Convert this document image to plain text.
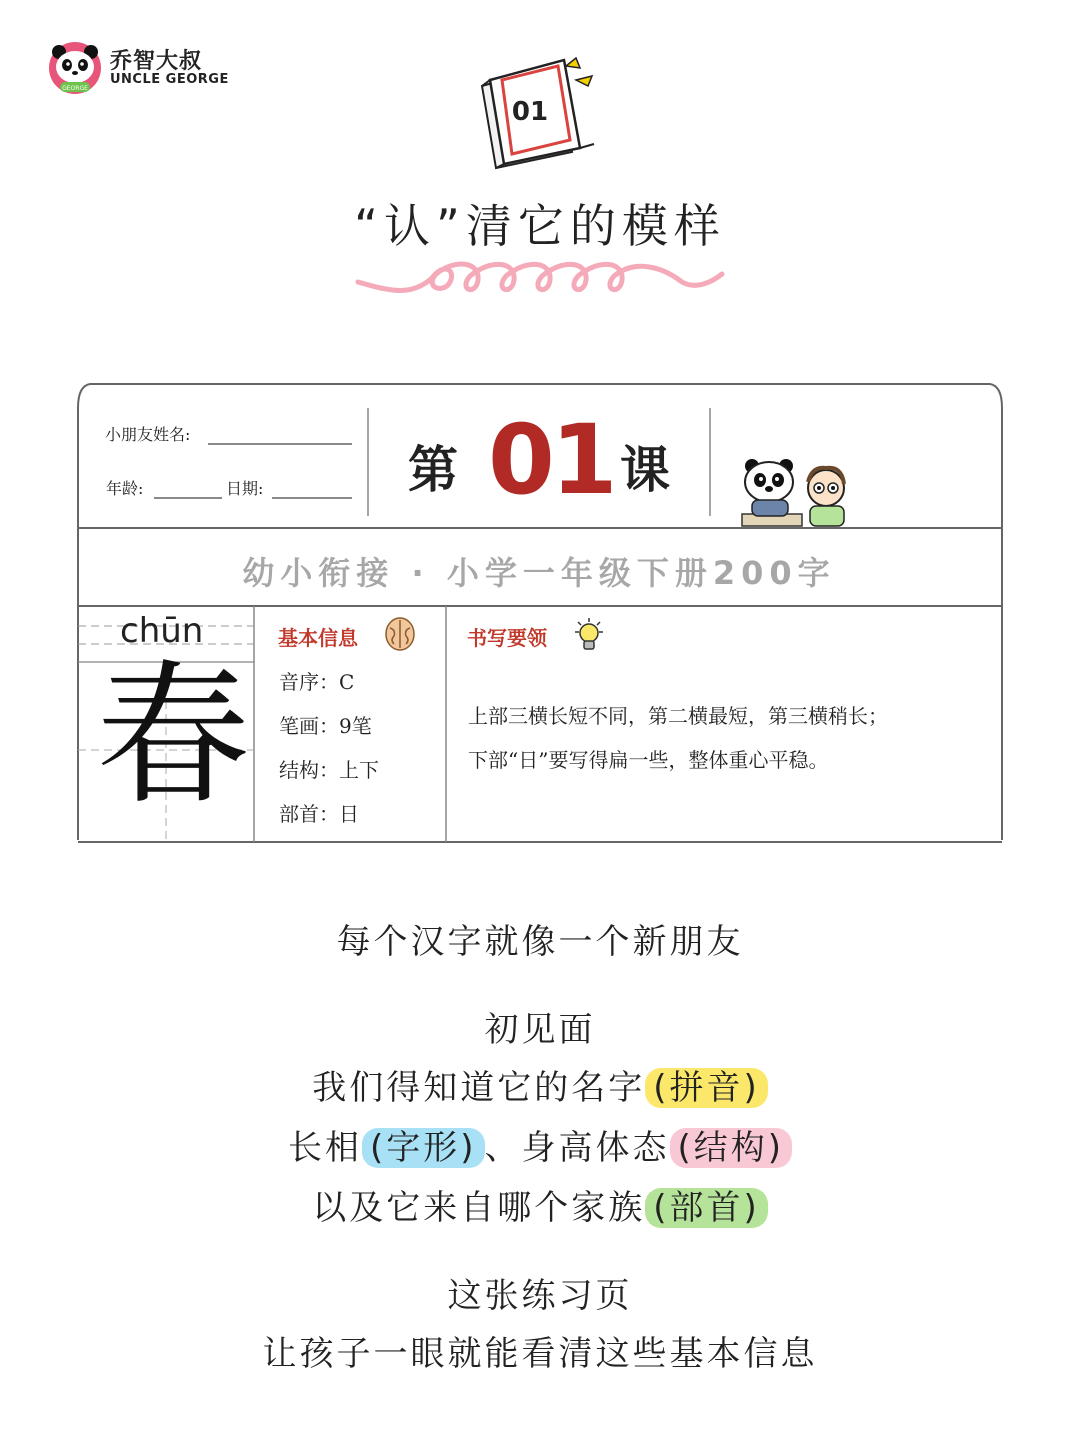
GEORGE
乔智大叔
UNCLE GEORGE
01
“认”清它的模样
小朋友姓名:
年龄:	日期:	第 01 课
幼小衔接 · 小学一年级下册200字
chūn
春
基本信息
音序：C
笔画：9笔
结构：上下
部首：日
书写要领
上部三横长短不同，第二横最短，第三横稍长；
下部“日”要写得扁一些，整体重心平稳。
每个汉字就像一个新朋友
初见面
我们得知道它的名字 (拼音)
长相 (字形) 、身高体态 (结构)
以及它来自哪个家族 (部首)
这张练习页
让孩子一眼就能看清这些基本信息
